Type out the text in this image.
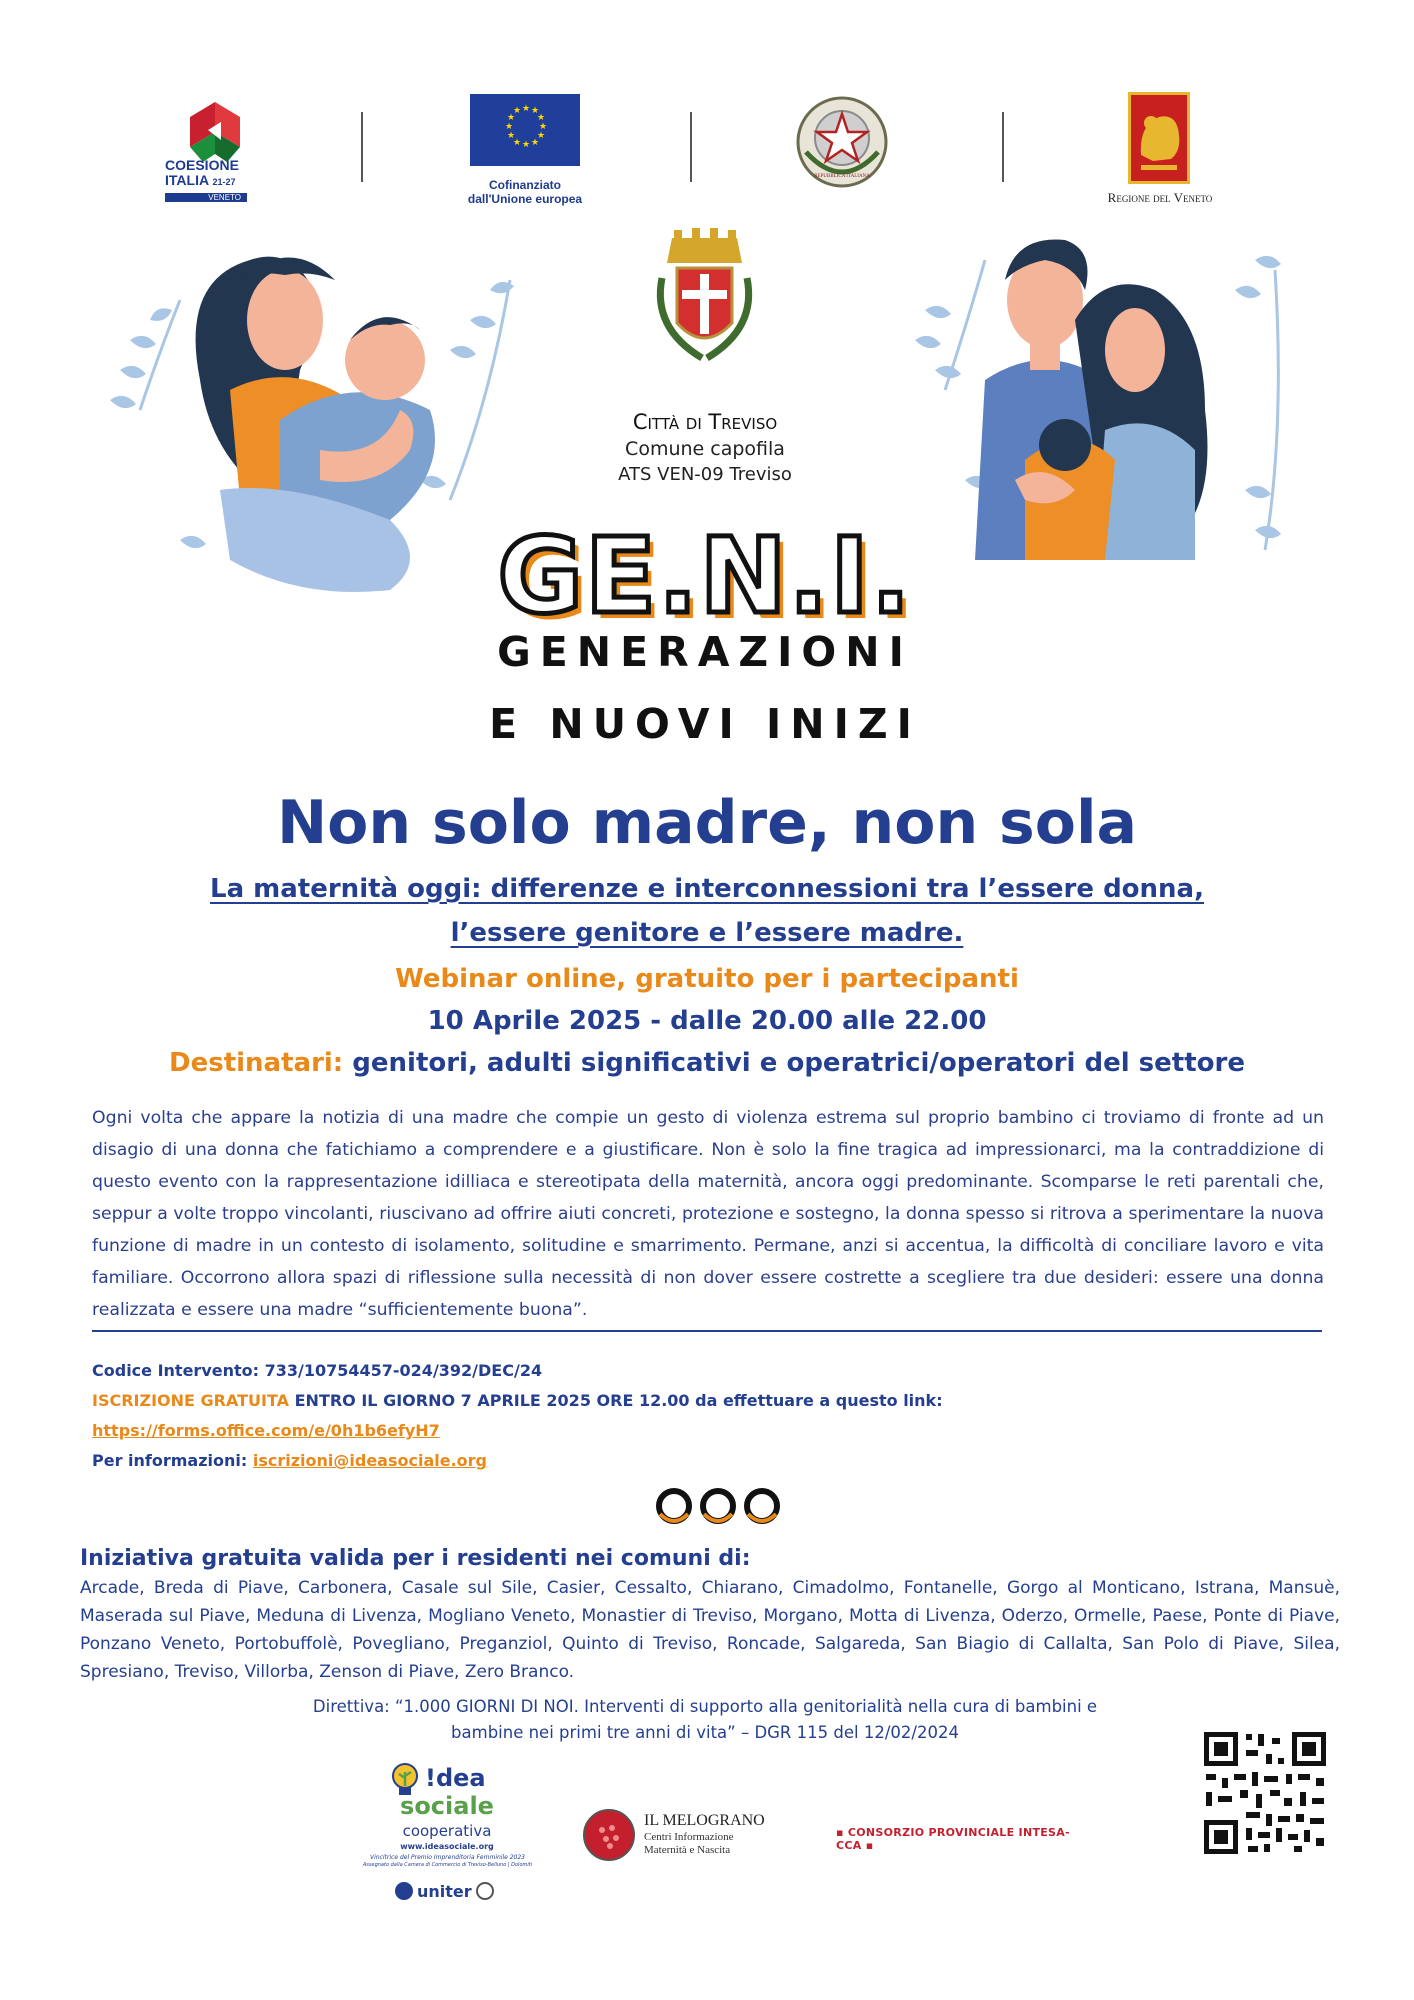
COESIONE
ITALIA 21-27
VENETO
★ ★
★
★
★
★
★
★
★
★
★
★
Cofinanziato
dall'Unione europea
REPUBBLICA ITALIANA
Regione del Veneto
Città di Treviso
Comune capofila
ATS VEN-09 Treviso
GE.N.I.
GENERAZIONI
E NUOVI INIZI
Non solo madre, non sola
La maternità oggi: differenze e interconnessioni tra l’essere donna,
l’essere genitore e l’essere madre.
Webinar online, gratuito per i partecipanti
10 Aprile 2025 - dalle 20.00 alle 22.00
Destinatari: genitori, adulti significativi e operatrici/operatori del settore
Ogni volta che appare la notizia di una madre che compie un gesto di violenza estrema sul proprio bambino ci troviamo di fronte ad un disagio di una donna che fatichiamo a comprendere e a giustificare. Non è solo la fine tragica ad impressionarci, ma la contraddizione di questo evento con la rappresentazione idilliaca e stereotipata della maternità, ancora oggi predominante. Scomparse le reti parentali che, seppur a volte troppo vincolanti, riuscivano ad offrire aiuti concreti, protezione e sostegno, la donna spesso si ritrova a sperimentare la nuova funzione di madre in un contesto di isolamento, solitudine e smarrimento. Permane, anzi si accentua, la difficoltà di conciliare lavoro e vita familiare. Occorrono allora spazi di riflessione sulla necessità di non dover essere costrette a scegliere tra due desideri: essere una donna realizzata e essere una madre “sufficientemente buona”.
Codice Intervento: 733/10754457-024/392/DEC/24
ISCRIZIONE GRATUITA ENTRO IL GIORNO 7 APRILE 2025 ORE 12.00 da effettuare a questo link:
https://forms.office.com/e/0h1b6efyH7
Per informazioni: iscrizioni@ideasociale.org
Iniziativa gratuita valida per i residenti nei comuni di:
Arcade, Breda di Piave, Carbonera, Casale sul Sile, Casier, Cessalto, Chiarano, Cimadolmo, Fontanelle, Gorgo al Monticano, Istrana, Mansuè, Maserada sul Piave, Meduna di Livenza, Mogliano Veneto, Monastier di Treviso, Morgano, Motta di Livenza, Oderzo, Ormelle, Paese, Ponte di Piave, Ponzano Veneto, Portobuffolè, Povegliano, Preganziol, Quinto di Treviso, Roncade, Salgareda, San Biagio di Callalta, San Polo di Piave, Silea, Spresiano, Treviso, Villorba, Zenson di Piave, Zero Branco.
Direttiva: “1.000 GIORNI DI NOI. Interventi di supporto alla genitorialità nella cura di bambini e
bambine nei primi tre anni di vita” – DGR 115 del 12/02/2024
!dea
sociale
cooperativa
www.ideasociale.org
Vincitrice del Premio Imprenditoria Femminile 2023
Assegnato dalla Camera di Commercio di Treviso-Belluno | Dolomiti
uniter
IL MELOGRANO
Centri Informazione
Maternità e Nascita
▪ CONSORZIO PROVINCIALE INTESA-CCA ▪
